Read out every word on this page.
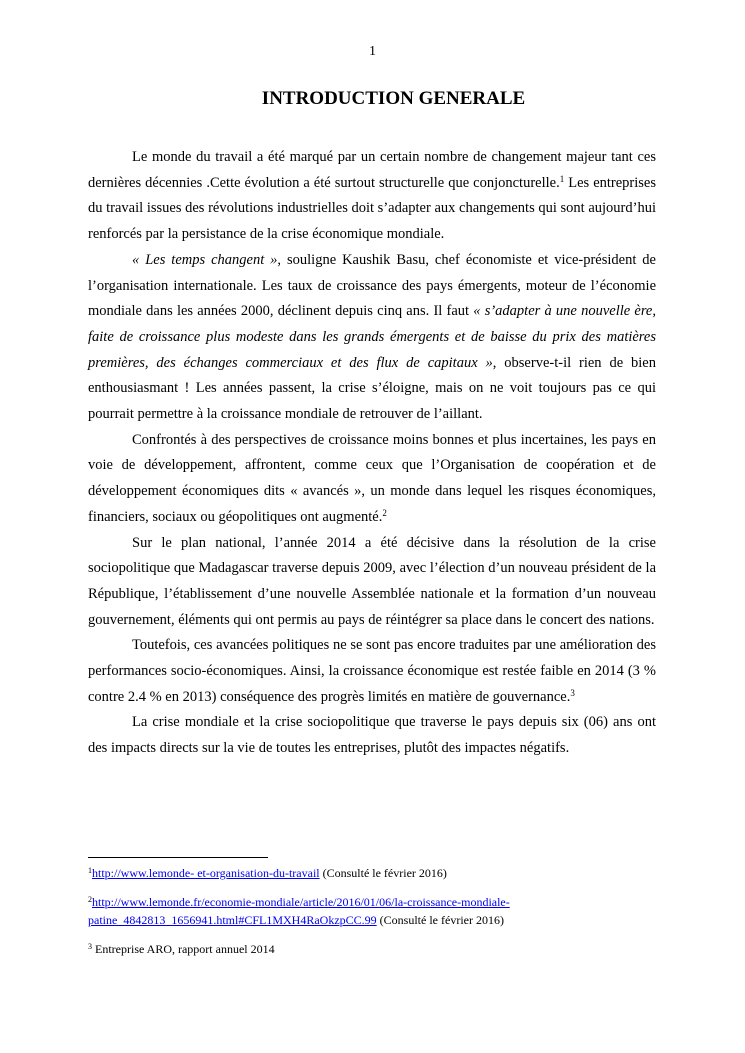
1
INTRODUCTION GENERALE

Le monde du travail a été marqué par un certain nombre de changement majeur tant ces dernières décennies .Cette évolution a été surtout structurelle que conjoncturelle.$^1$ Les entreprises du travail issues des révolutions industrielles doit s’adapter aux changements qui sont aujourd’hui renforcés par la persistance de la crise économique mondiale.

« Les temps changent », souligne Kaushik Basu, chef économiste et vice-président de l’organisation internationale. Les taux de croissance des pays émergents, moteur de l’économie mondiale dans les années 2000, déclinent depuis cinq ans. Il faut « s’adapter à une nouvelle ère, faite de croissance plus modeste dans les grands émergents et de baisse du prix des matières premières, des échanges commerciaux et des flux de capitaux », observe-t-il rien de bien enthousiasmant ! Les années passent, la crise s’éloigne, mais on ne voit toujours pas ce qui pourrait permettre à la croissance mondiale de retrouver de l’aillant.

Confrontés à des perspectives de croissance moins bonnes et plus incertaines, les pays en voie de développement, affrontent, comme ceux que l’Organisation de coopération et de développement économiques dits « avancés », un monde dans lequel les risques économiques, financiers, sociaux ou géopolitiques ont augmenté.$^2$

Sur le plan national, l’année 2014 a été décisive dans la résolution de la crise sociopolitique que Madagascar traverse depuis 2009, avec l’élection d’un nouveau président de la République, l’établissement d’une nouvelle Assemblée nationale et la formation d’un nouveau gouvernement, éléments qui ont permis au pays de réintégrer sa place dans le concert des nations.

Toutefois, ces avancées politiques ne se sont pas encore traduites par une amélioration des performances socio-économiques. Ainsi, la croissance économique est restée faible en 2014 (3 % contre 2.4 % en 2013) conséquence des progrès limités en matière de gouvernance.$^3$

La crise mondiale et la crise sociopolitique que traverse le pays depuis six (06) ans ont des impacts directs sur la vie de toutes les entreprises, plutôt des impactes négatifs.

$^1$http://www.lemonde- et-organisation-du-travail (Consulté le février 2016)

$^2$http://www.lemonde.fr/economie-mondiale/article/2016/01/06/la-croissance-mondiale-patine_4842813_1656941.html#CFL1MXH4RaOkzpCC.99 (Consulté le février 2016)

$^3$ Entreprise ARO, rapport annuel 2014
